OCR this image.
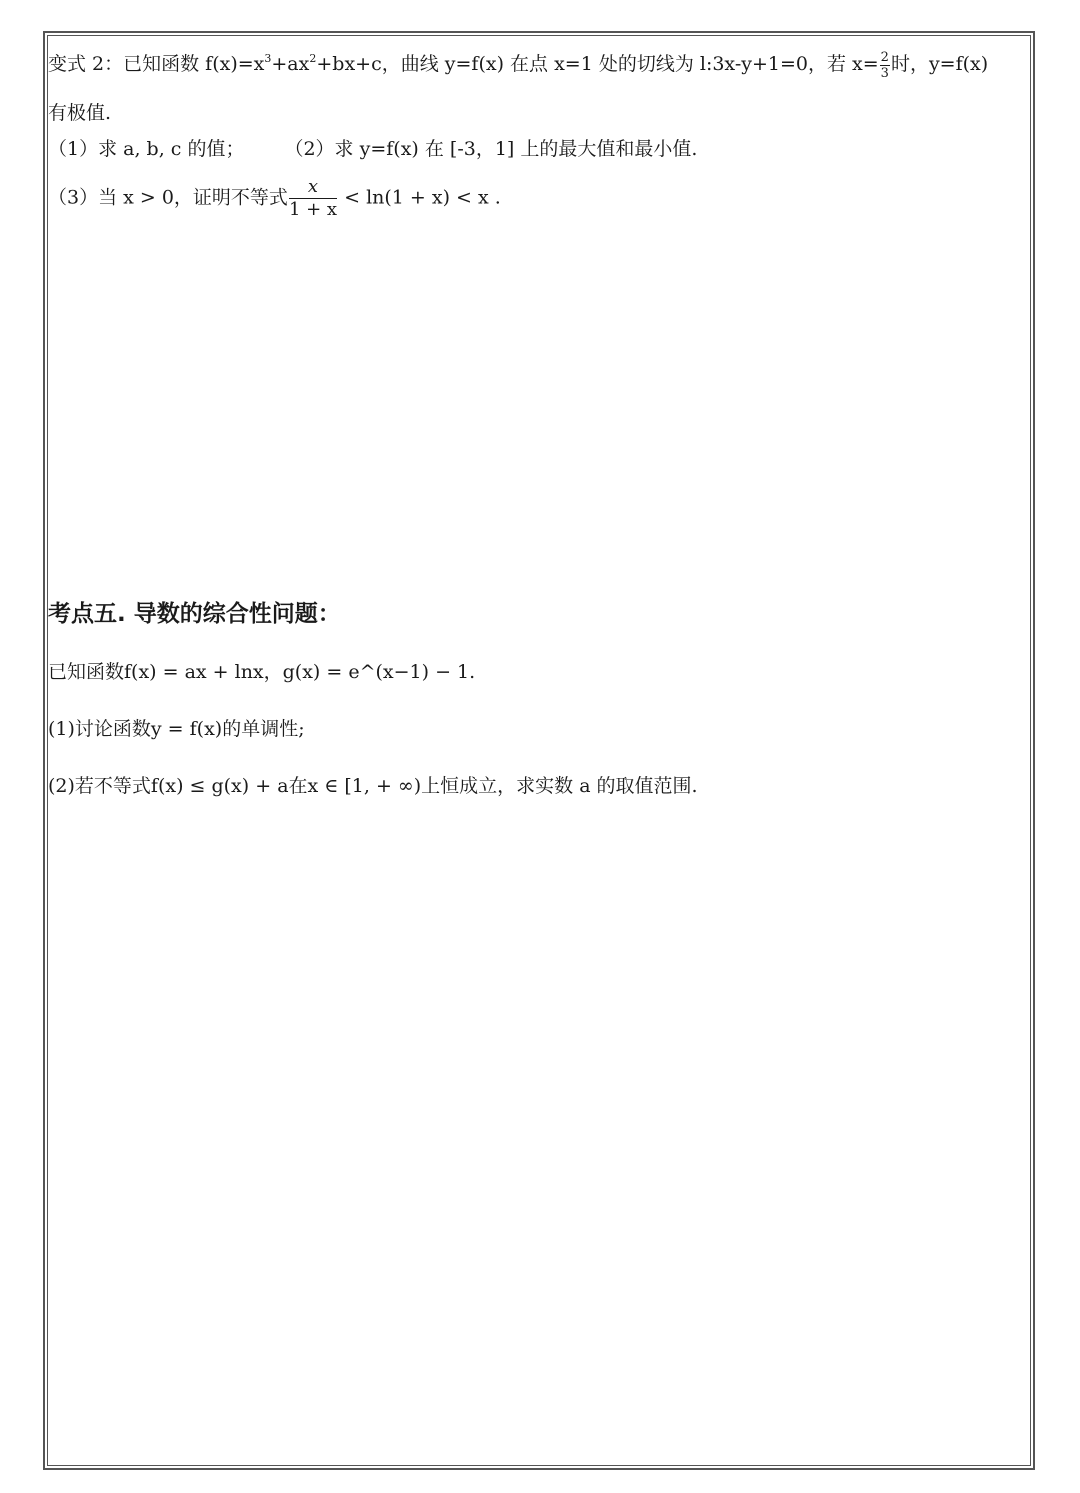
变式 2：已知函数 $f(x)=x^3+ax^2+bx+c$，曲线 y=f(x) 在点 x=1 处的切线为 l:3x-y+1=0，若 $x= \frac{2}{3}$ 时，y=f(x)
有极值.
（1）求 a, b, c 的值； （2）求 y=f(x) 在 [-3，1] 上的最大值和最小值.
（3）当 x > 0，证明不等式 $\frac{x}{1 + x} < \ln(1 + x) < x$ .
考点五. 导数的综合性问题：
已知函数f(x) = ax + lnx，g(x) = e^(x−1) − 1.
(1)讨论函数y = f(x)的单调性;
(2)若不等式f(x) ≤ g(x) + a在x ∈ [1, + ∞)上恒成立，求实数 a 的取值范围.
